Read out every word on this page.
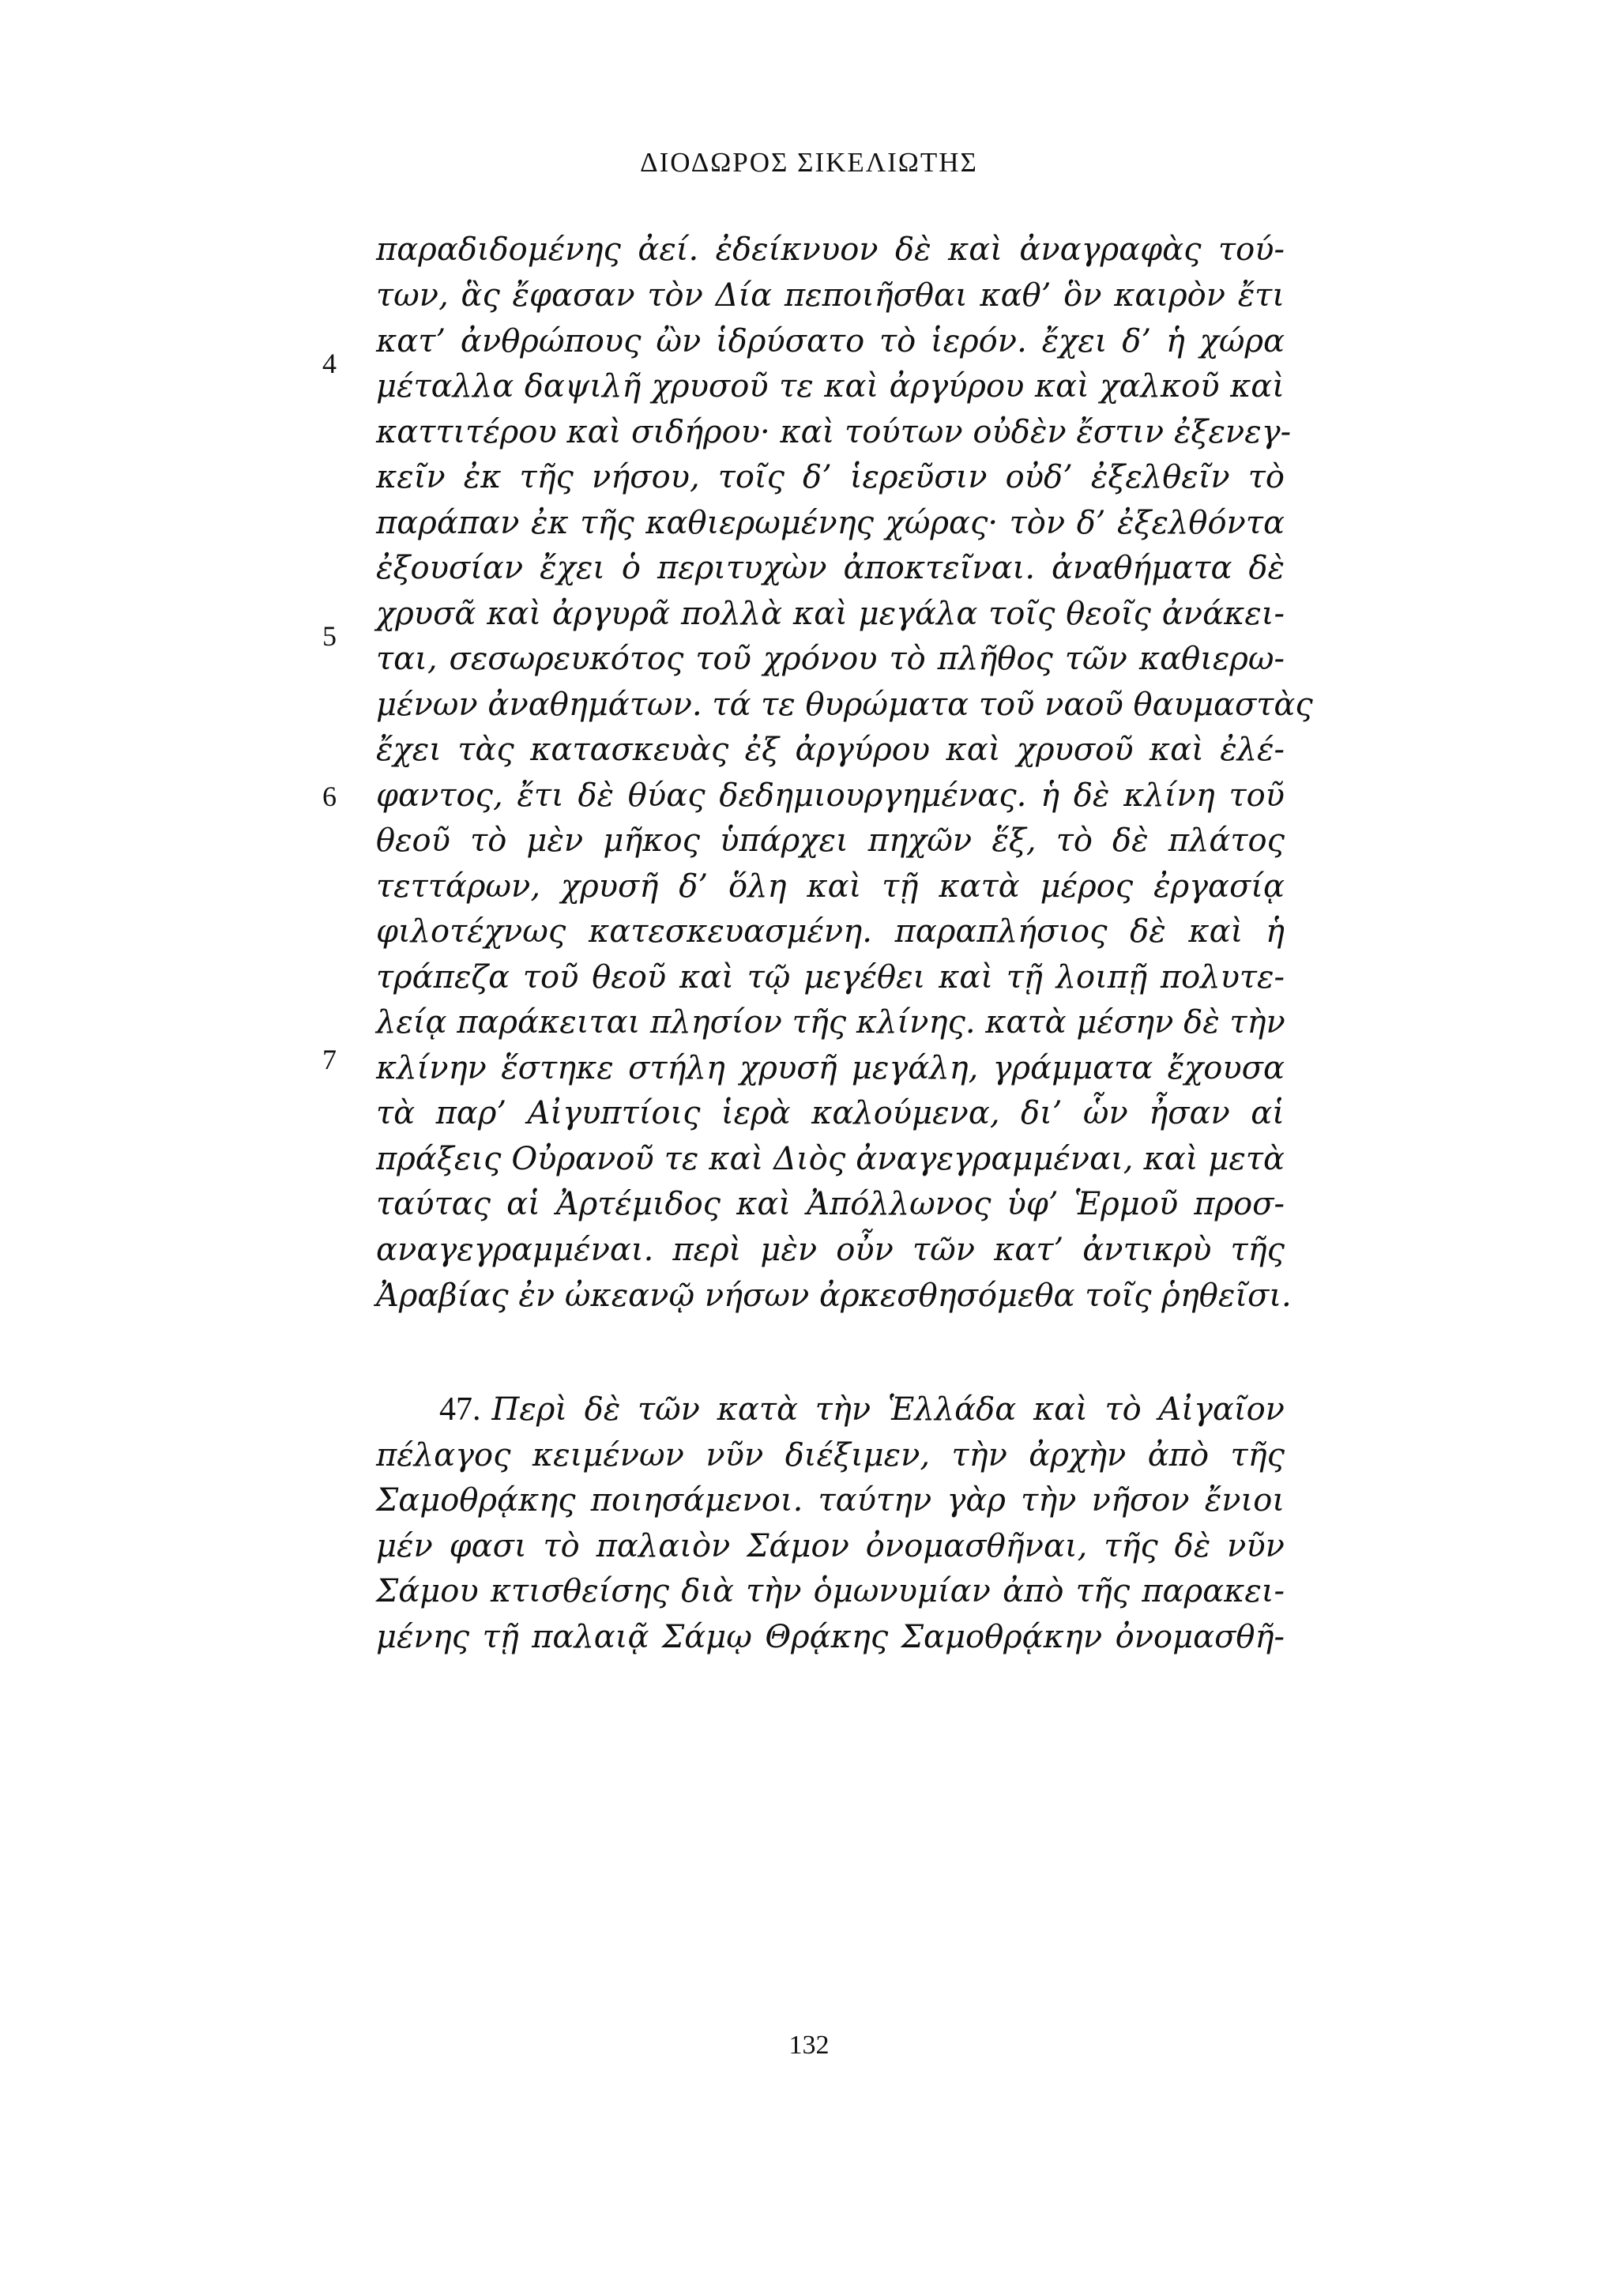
ΔΙΟΔΩΡΟΣ ΣΙΚΕΛΙΩΤΗΣ
4
5
6
7
παραδιδομένης ἀεί. ἐδείκνυον δὲ καὶ ἀναγραφὰς τού-
των, ἃς ἔφασαν τὸν Δία πεποιῆσθαι καθ’ ὃν καιρὸν ἔτι
κατ’ ἀνθρώπους ὢν ἱδρύσατο τὸ ἱερόν. ἔχει δ’ ἡ χώρα
μέταλλα δαψιλῆ χρυσοῦ τε καὶ ἀργύρου καὶ χαλκοῦ καὶ
καττιτέρου καὶ σιδήρου· καὶ τούτων οὐδὲν ἔστιν ἐξενεγ-
κεῖν ἐκ τῆς νήσου, τοῖς δ’ ἱερεῦσιν οὐδ’ ἐξελθεῖν τὸ
παράπαν ἐκ τῆς καθιερωμένης χώρας· τὸν δ’ ἐξελθόντα
ἐξουσίαν ἔχει ὁ περιτυχὼν ἀποκτεῖναι. ἀναθήματα δὲ
χρυσᾶ καὶ ἀργυρᾶ πολλὰ καὶ μεγάλα τοῖς θεοῖς ἀνάκει-
ται, σεσωρευκότος τοῦ χρόνου τὸ πλῆθος τῶν καθιερω-
μένων ἀναθημάτων. τά τε θυρώματα τοῦ ναοῦ θαυμαστὰς
ἔχει τὰς κατασκευὰς ἐξ ἀργύρου καὶ χρυσοῦ καὶ ἐλέ-
φαντος, ἔτι δὲ θύας δεδημιουργημένας. ἡ δὲ κλίνη τοῦ
θεοῦ τὸ μὲν μῆκος ὑπάρχει πηχῶν ἕξ, τὸ δὲ πλάτος
τεττάρων, χρυσῆ δ’ ὅλη καὶ τῇ κατὰ μέρος ἐργασίᾳ
φιλοτέχνως κατεσκευασμένη. παραπλήσιος δὲ καὶ ἡ
τράπεζα τοῦ θεοῦ καὶ τῷ μεγέθει καὶ τῇ λοιπῇ πολυτε-
λείᾳ παράκειται πλησίον τῆς κλίνης. κατὰ μέσην δὲ τὴν
κλίνην ἕστηκε στήλη χρυσῆ μεγάλη, γράμματα ἔχουσα
τὰ παρ’ Αἰγυπτίοις ἱερὰ καλούμενα, δι’ ὧν ἦσαν αἱ
πράξεις Οὐρανοῦ τε καὶ Διὸς ἀναγεγραμμέναι, καὶ μετὰ
ταύτας αἱ Ἀρτέμιδος καὶ Ἀπόλλωνος ὑφ’ Ἑρμοῦ προσ-
αναγεγραμμέναι. περὶ μὲν οὖν τῶν κατ’ ἀντικρὺ τῆς
Ἀραβίας ἐν ὠκεανῷ νήσων ἀρκεσθησόμεθα τοῖς ῥηθεῖσι.
47. Περὶ δὲ τῶν κατὰ τὴν Ἑλλάδα καὶ τὸ Αἰγαῖον
πέλαγος κειμένων νῦν διέξιμεν, τὴν ἀρχὴν ἀπὸ τῆς
Σαμοθρᾴκης ποιησάμενοι. ταύτην γὰρ τὴν νῆσον ἔνιοι
μέν φασι τὸ παλαιὸν Σάμον ὀνομασθῆναι, τῆς δὲ νῦν
Σάμου κτισθείσης διὰ τὴν ὁμωνυμίαν ἀπὸ τῆς παρακει-
μένης τῇ παλαιᾷ Σάμῳ Θρᾴκης Σαμοθρᾴκην ὀνομασθῆ-
132
